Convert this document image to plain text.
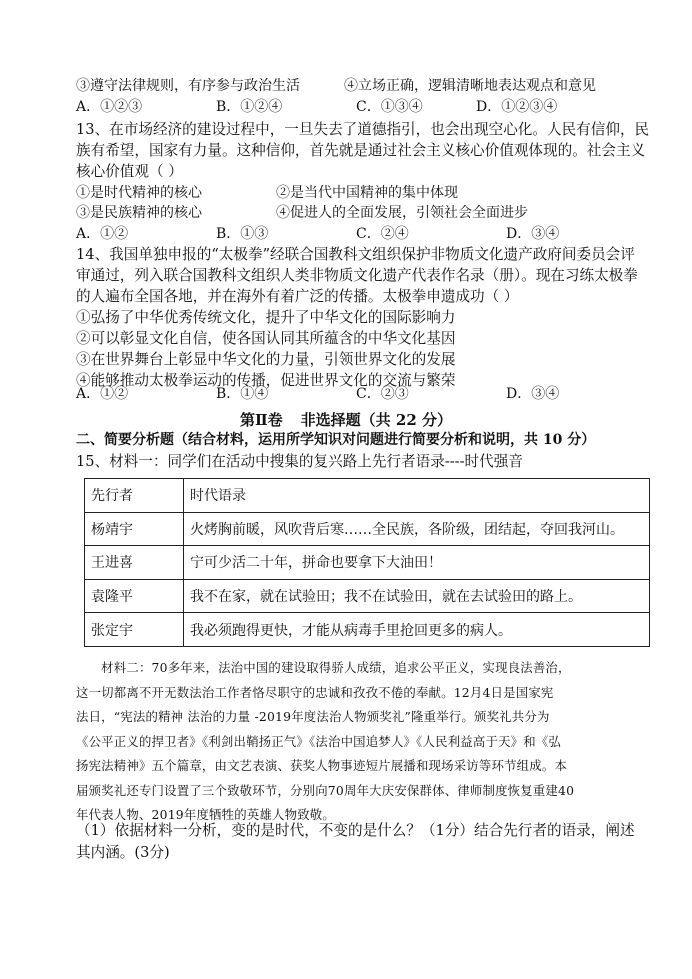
③遵守法律规则，有序参与政治生活	④立场正确，逻辑清晰地表达观点和意见
A．①②③	B．①②④	C．①③④	D．①②③④
13、在市场经济的建设过程中，一旦失去了道德指引，也会出现空心化。人民有信仰，民
族有希望，国家有力量。这种信仰，首先就是通过社会主义核心价值观体现的。社会主义
核心价值观（ ）
①是时代精神的核心	②是当代中国精神的集中体现
③是民族精神的核心	④促进人的全面发展，引领社会全面进步
A．①②	B．①③	C．②④	D．③④
14、我国单独申报的“太极拳”经联合国教科文组织保护非物质文化遗产政府间委员会评
审通过，列入联合国教科文组织人类非物质文化遗产代表作名录（册）。现在习练太极拳
的人遍布全国各地，并在海外有着广泛的传播。太极拳申遗成功（ ）
①弘扬了中华优秀传统文化，提升了中华文化的国际影响力
②可以彰显文化自信，使各国认同其所蕴含的中华文化基因
③在世界舞台上彰显中华文化的力量，引领世界文化的发展
④能够推动太极拳运动的传播，促进世界文化的交流与繁荣
A．①②	B．①④	C．②③	D．③④
第Ⅱ卷 非选择题（共 22 分）
二、简要分析题（结合材料，运用所学知识对问题进行简要分析和说明，共 10 分）
15、材料一：同学们在活动中搜集的复兴路上先行者语录----时代强音
先行者	时代语录
杨靖宇	火烤胸前暖，风吹背后寒……全民族，各阶级，团结起，夺回我河山。
王进喜	宁可少活二十年，拼命也要拿下大油田！
袁隆平	我不在家，就在试验田；我不在试验田，就在去试验田的路上。
张定宇	我必须跑得更快，才能从病毒手里抢回更多的病人。

　　材料二：70多年来，法治中国的建设取得骄人成绩，追求公平正义，实现良法善治，

这一切都离不开无数法治工作者恪尽职守的忠诚和孜孜不倦的奉献。12月4日是国家宪

法日，“宪法的精神 法治的力量 -2019年度法治人物颁奖礼”隆重举行。颁奖礼共分为

《公平正义的捍卫者》《利剑出鞘扬正气》《法治中国追梦人》《人民利益高于天》和《弘

扬宪法精神》五个篇章，由文艺表演、获奖人物事迹短片展播和现场采访等环节组成。本

届颁奖礼还专门设置了三个致敬环节，分别向70周年大庆安保群体、律师制度恢复重建40

年代表人物、2019年度牺牲的英雄人物致敬。

（1）依据材料一分析，变的是时代，不变的是什么？（1分）结合先行者的语录，阐述
其内涵。(3分)
